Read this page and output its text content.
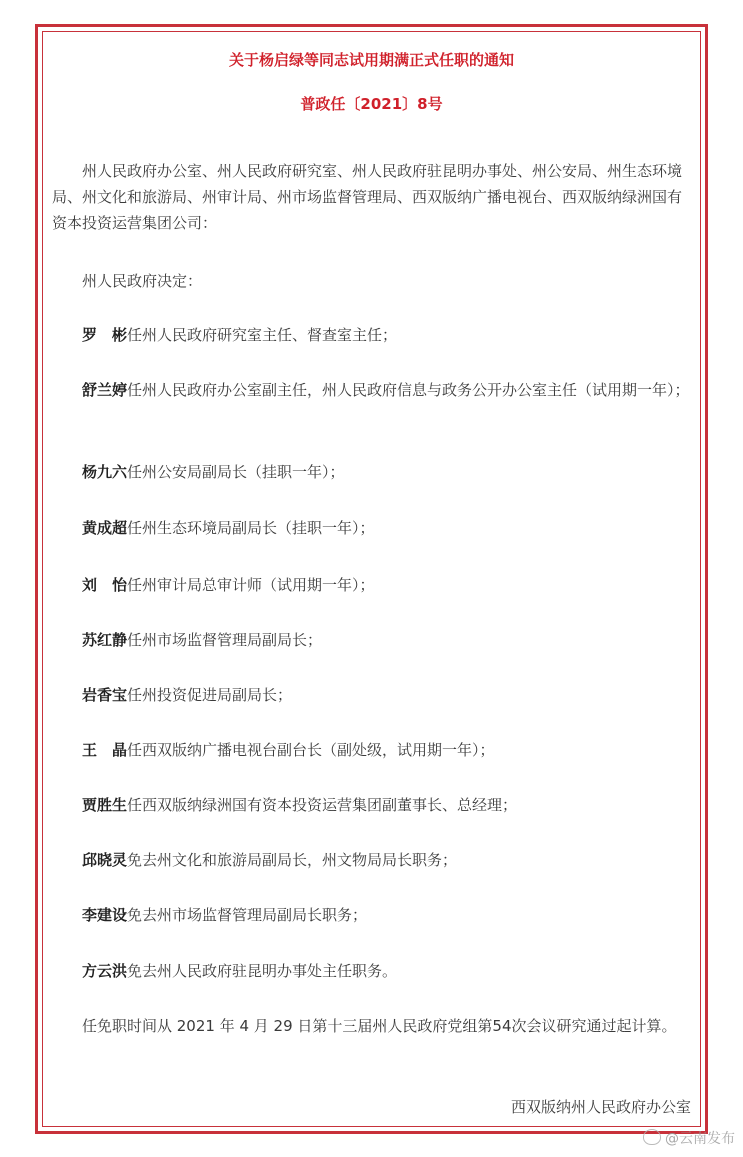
关于杨启绿等同志试用期满正式任职的通知
普政任〔2021〕8号
州人民政府办公室、州人民政府研究室、州人民政府驻昆明办事处、州公安局、州生态环境局、州文化和旅游局、州审计局、州市场监督管理局、西双版纳广播电视台、西双版纳绿洲国有资本投资运营集团公司：
州人民政府决定：
罗　彬任州人民政府研究室主任、督查室主任；
舒兰婷任州人民政府办公室副主任，州人民政府信息与政务公开办公室主任（试用期一年）；
杨九六任州公安局副局长（挂职一年）；
黄成超任州生态环境局副局长（挂职一年）；
刘　怡任州审计局总审计师（试用期一年）；
苏红静任州市场监督管理局副局长；
岩香宝任州投资促进局副局长；
王　晶任西双版纳广播电视台副台长（副处级，试用期一年）；
贾胜生任西双版纳绿洲国有资本投资运营集团副董事长、总经理；
邱晓灵免去州文化和旅游局副局长，州文物局局长职务；
李建设免去州市场监督管理局副局长职务；
方云洪免去州人民政府驻昆明办事处主任职务。
任免职时间从 2021 年 4 月 29 日第十三届州人民政府党组第54次会议研究通过起计算。
西双版纳州人民政府办公室
@云南发布
